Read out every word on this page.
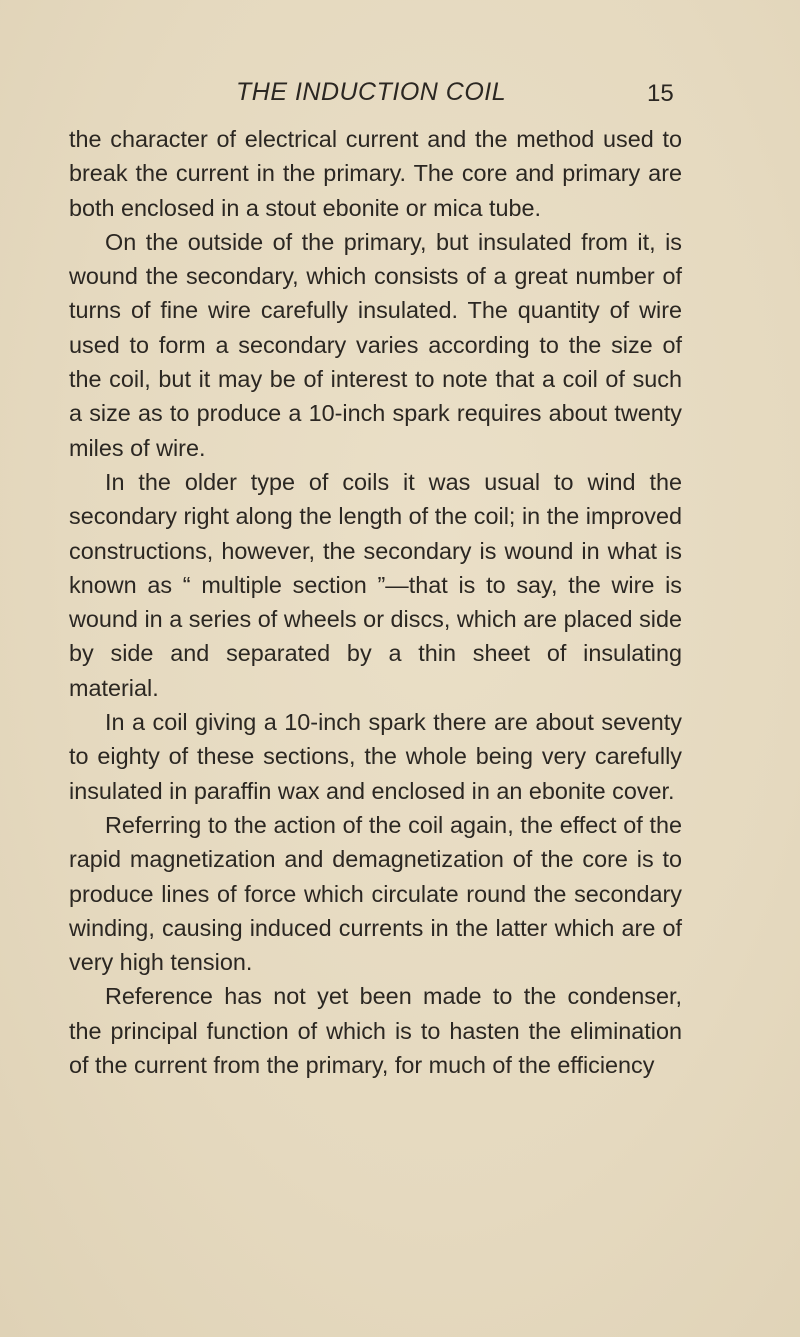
THE INDUCTION COIL	15

the character of electrical current and the method used to break the current in the primary. The core and primary are both enclosed in a stout ebonite or mica tube.

On the outside of the primary, but insulated from it, is wound the secondary, which consists of a great number of turns of fine wire carefully insulated. The quantity of wire used to form a secondary varies according to the size of the coil, but it may be of interest to note that a coil of such a size as to produce a 10-inch spark requires about twenty miles of wire.

In the older type of coils it was usual to wind the secondary right along the length of the coil; in the improved constructions, however, the secondary is wound in what is known as “ multiple section ”—that is to say, the wire is wound in a series of wheels or discs, which are placed side by side and separated by a thin sheet of insulating material.

In a coil giving a 10-inch spark there are about seventy to eighty of these sections, the whole being very carefully insulated in paraffin wax and enclosed in an ebonite cover.

Referring to the action of the coil again, the effect of the rapid magnetization and demagnetization of the core is to produce lines of force which circulate round the secondary winding, causing induced currents in the latter which are of very high tension.

Reference has not yet been made to the condenser, the principal function of which is to hasten the elimination of the current from the primary, for much of the efficiency
